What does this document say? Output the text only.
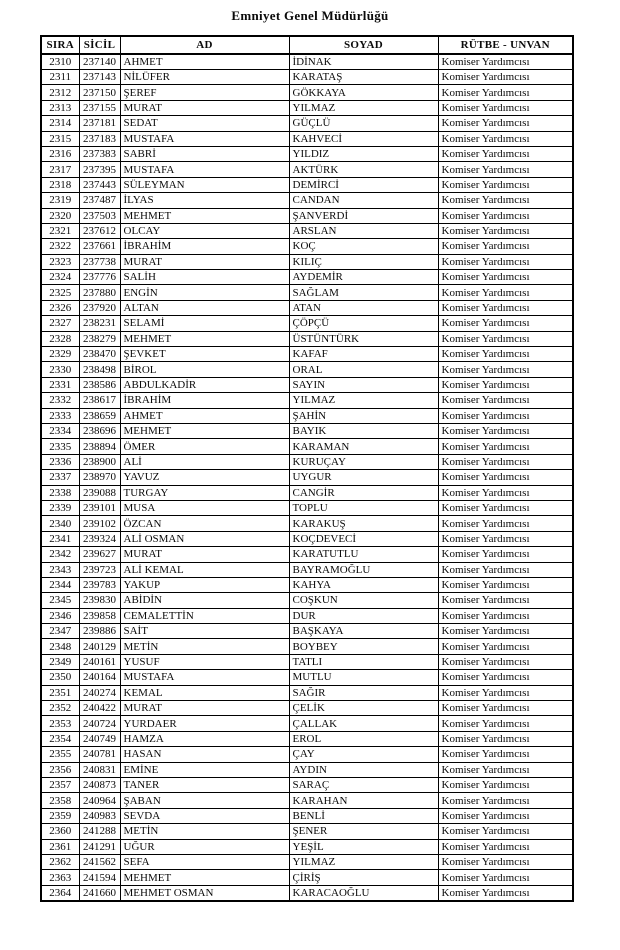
Emniyet Genel Müdürlüğü
SIRA	SİCİL	AD	SOYAD	RÜTBE - UNVAN
2310	237140	AHMET	İDİNAK	Komiser Yardımcısı
2311	237143	NİLÜFER	KARATAŞ	Komiser Yardımcısı
2312	237150	ŞEREF	GÖKKAYA	Komiser Yardımcısı
2313	237155	MURAT	YILMAZ	Komiser Yardımcısı
2314	237181	SEDAT	GÜÇLÜ	Komiser Yardımcısı
2315	237183	MUSTAFA	KAHVECİ	Komiser Yardımcısı
2316	237383	SABRİ	YILDIZ	Komiser Yardımcısı
2317	237395	MUSTAFA	AKTÜRK	Komiser Yardımcısı
2318	237443	SÜLEYMAN	DEMİRCİ	Komiser Yardımcısı
2319	237487	İLYAS	CANDAN	Komiser Yardımcısı
2320	237503	MEHMET	ŞANVERDİ	Komiser Yardımcısı
2321	237612	OLCAY	ARSLAN	Komiser Yardımcısı
2322	237661	İBRAHİM	KOÇ	Komiser Yardımcısı
2323	237738	MURAT	KILIÇ	Komiser Yardımcısı
2324	237776	SALİH	AYDEMİR	Komiser Yardımcısı
2325	237880	ENGİN	SAĞLAM	Komiser Yardımcısı
2326	237920	ALTAN	ATAN	Komiser Yardımcısı
2327	238231	SELAMİ	ÇÖPÇÜ	Komiser Yardımcısı
2328	238279	MEHMET	ÜSTÜNTÜRK	Komiser Yardımcısı
2329	238470	ŞEVKET	KAFAF	Komiser Yardımcısı
2330	238498	BİROL	ORAL	Komiser Yardımcısı
2331	238586	ABDULKADİR	SAYIN	Komiser Yardımcısı
2332	238617	İBRAHİM	YILMAZ	Komiser Yardımcısı
2333	238659	AHMET	ŞAHİN	Komiser Yardımcısı
2334	238696	MEHMET	BAYIK	Komiser Yardımcısı
2335	238894	ÖMER	KARAMAN	Komiser Yardımcısı
2336	238900	ALİ	KURUÇAY	Komiser Yardımcısı
2337	238970	YAVUZ	UYGUR	Komiser Yardımcısı
2338	239088	TURGAY	CANGİR	Komiser Yardımcısı
2339	239101	MUSA	TOPLU	Komiser Yardımcısı
2340	239102	ÖZCAN	KARAKUŞ	Komiser Yardımcısı
2341	239324	ALİ OSMAN	KOÇDEVECİ	Komiser Yardımcısı
2342	239627	MURAT	KARATUTLU	Komiser Yardımcısı
2343	239723	ALİ KEMAL	BAYRAMOĞLU	Komiser Yardımcısı
2344	239783	YAKUP	KAHYA	Komiser Yardımcısı
2345	239830	ABİDİN	COŞKUN	Komiser Yardımcısı
2346	239858	CEMALETTİN	DUR	Komiser Yardımcısı
2347	239886	SAİT	BAŞKAYA	Komiser Yardımcısı
2348	240129	METİN	BOYBEY	Komiser Yardımcısı
2349	240161	YUSUF	TATLI	Komiser Yardımcısı
2350	240164	MUSTAFA	MUTLU	Komiser Yardımcısı
2351	240274	KEMAL	SAĞIR	Komiser Yardımcısı
2352	240422	MURAT	ÇELİK	Komiser Yardımcısı
2353	240724	YURDAER	ÇALLAK	Komiser Yardımcısı
2354	240749	HAMZA	EROL	Komiser Yardımcısı
2355	240781	HASAN	ÇAY	Komiser Yardımcısı
2356	240831	EMİNE	AYDIN	Komiser Yardımcısı
2357	240873	TANER	SARAÇ	Komiser Yardımcısı
2358	240964	ŞABAN	KARAHAN	Komiser Yardımcısı
2359	240983	SEVDA	BENLİ	Komiser Yardımcısı
2360	241288	METİN	ŞENER	Komiser Yardımcısı
2361	241291	UĞUR	YEŞİL	Komiser Yardımcısı
2362	241562	SEFA	YILMAZ	Komiser Yardımcısı
2363	241594	MEHMET	ÇİRİŞ	Komiser Yardımcısı
2364	241660	MEHMET OSMAN	KARACAOĞLU	Komiser Yardımcısı
